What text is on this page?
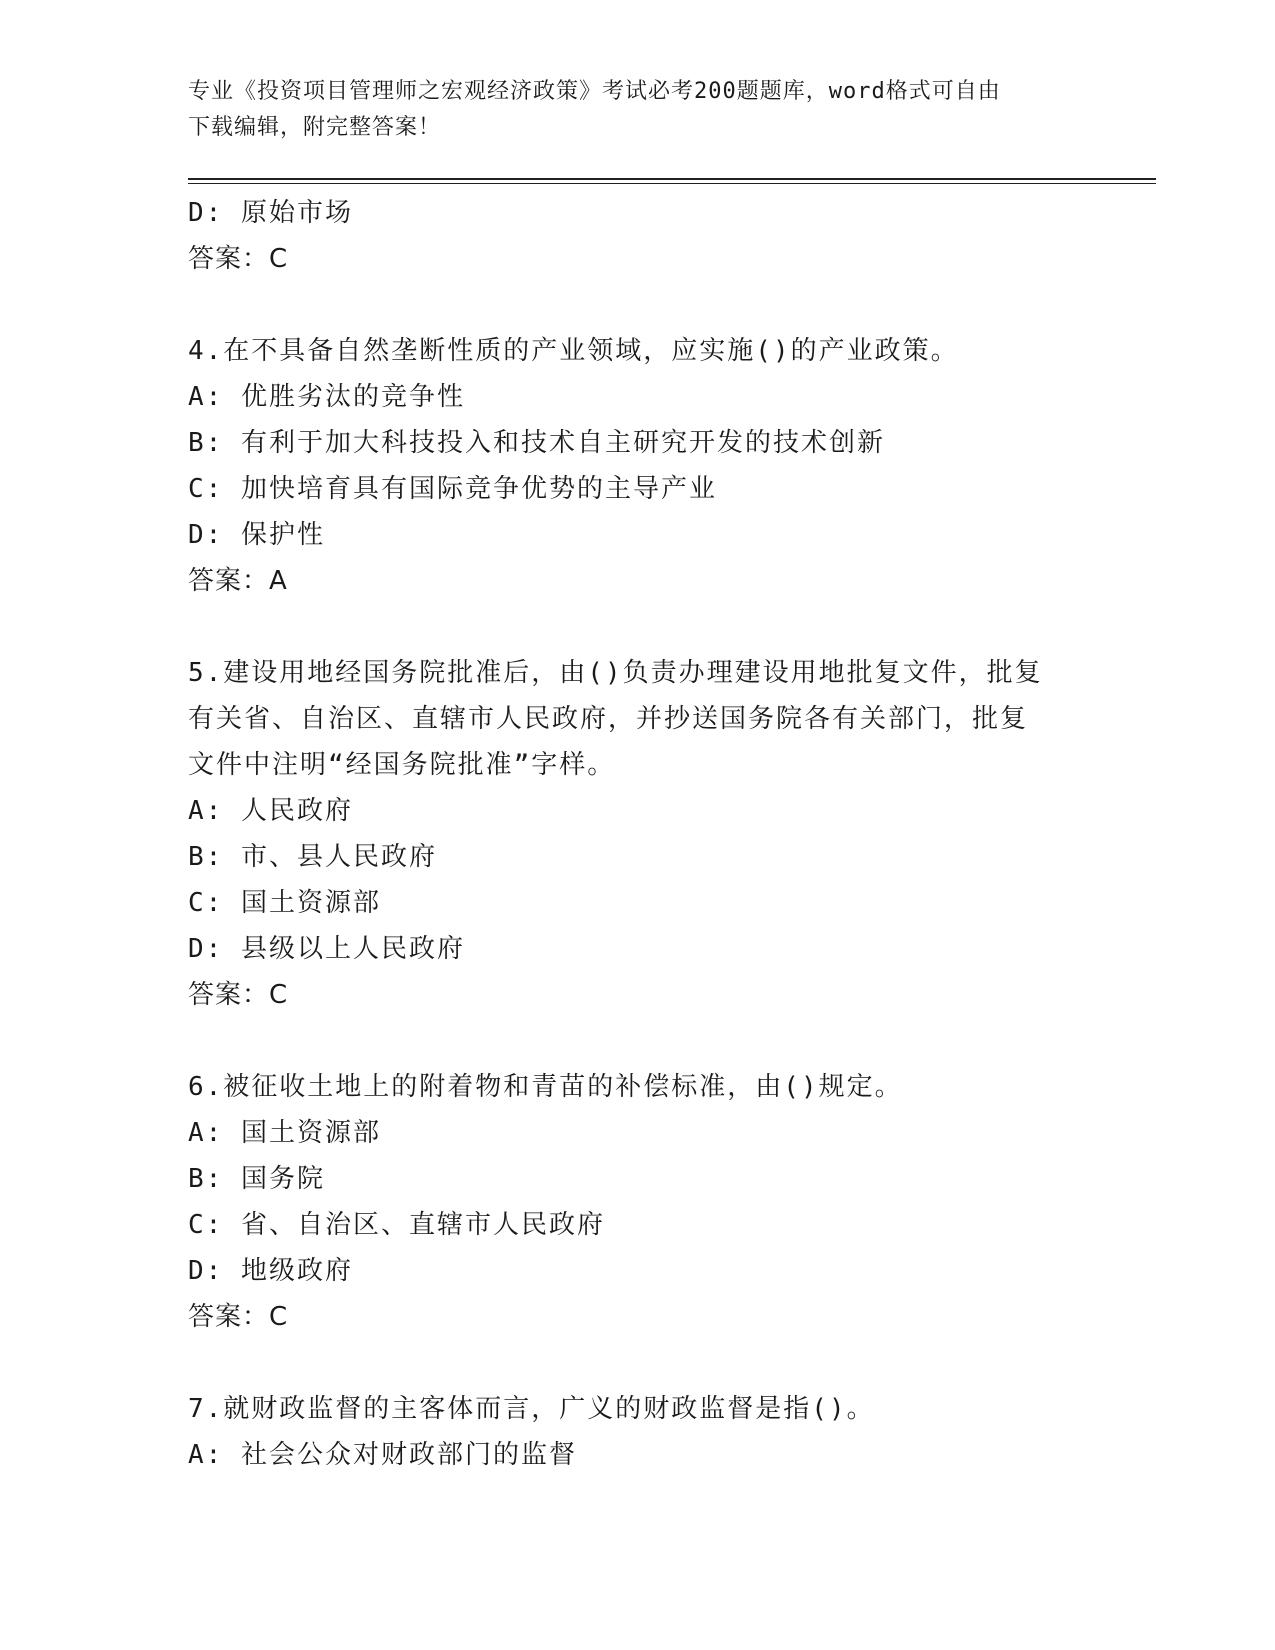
专业《投资项目管理师之宏观经济政策》考试必考200题题库，word格式可自由
下载编辑，附完整答案！
D: 原始市场
答案：C
4.在不具备自然垄断性质的产业领域，应实施()的产业政策。
A: 优胜劣汰的竞争性
B: 有利于加大科技投入和技术自主研究开发的技术创新
C: 加快培育具有国际竞争优势的主导产业
D: 保护性
答案：A
5.建设用地经国务院批准后，由()负责办理建设用地批复文件，批复
有关省、自治区、直辖市人民政府，并抄送国务院各有关部门，批复
文件中注明“经国务院批准”字样。
A: 人民政府
B: 市、县人民政府
C: 国土资源部
D: 县级以上人民政府
答案：C
6.被征收土地上的附着物和青苗的补偿标准，由()规定。
A: 国土资源部
B: 国务院
C: 省、自治区、直辖市人民政府
D: 地级政府
答案：C
7.就财政监督的主客体而言，广义的财政监督是指()。
A: 社会公众对财政部门的监督
